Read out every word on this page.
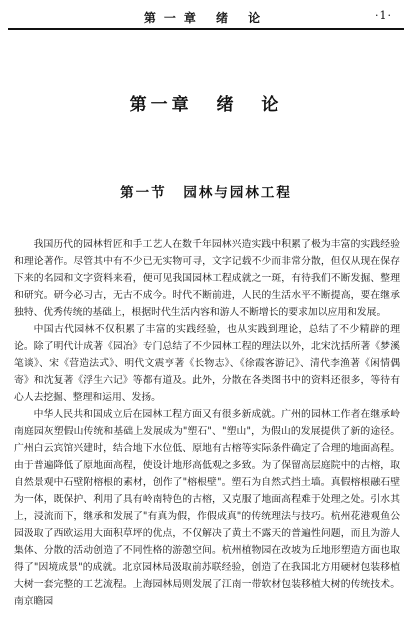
第一章 绪 论	·1·
第一章 绪 论
第一节 园林与园林工程

我国历代的园林哲匠和手工艺人在数千年园林兴造实践中积累了极为丰富的实践经验和理论著作。尽管其中有不少已无实物可寻，文字记载不少而非常分散，但仅从现在保存下来的名园和文字资料来看，便可见我国园林工程成就之一斑，有待我们不断发掘、整理和研究。研今必习古，无古不成今。时代不断前进，人民的生活水平不断提高，要在继承独特、优秀传统的基础上，根据时代生活内容和游人不断增长的要求加以应用和发展。

中国古代园林不仅积累了丰富的实践经验，也从实践到理论，总结了不少精辟的理论。除了明代计成著《园冶》专门总结了不少园林工程的理法以外，北宋沈括所著《梦溪笔谈》、宋《营造法式》、明代文震亨著《长物志》、《徐霞客游记》、清代李渔著《闲情偶寄》和沈复著《浮生六记》等都有道及。此外，分散在各类图书中的资料还很多，等待有心人去挖掘、整理和运用、发扬。

中华人民共和国成立后在园林工程方面又有很多新成就。广州的园林工作者在继承岭南庭园灰塑假山传统和基础上发展成为"塑石"、"塑山"，为假山的发展提供了新的途径。广州白云宾馆兴建时，结合地下水位低、原地有古榕等实际条件确定了合理的地面高程。由于普遍降低了原地面高程，使设计地形高低观之多致。为了保留高层庭院中的古榕，取自然景观中石壁附榕根的素材，创作了"榕根壁"。塑石为自然式挡土墙。真假榕根融石壁为一体，既保护、利用了具有岭南特色的古榕，又克服了地面高程难于处理之处。引水其上，浸流而下，继承和发展了"有真为假，作假成真"的传统理法与技巧。杭州花港观鱼公园汲取了西欧运用大面积草坪的优点，不仅解决了黄土不露天的普遍性问题，而且为游人集体、分散的活动创造了不同性格的游憩空间。杭州植物园在改坡为丘地形塑造方面也取得了"因境成景"的成就。北京园林局汲取前苏联经验，创造了在我国北方用硬材包装移植大树一套完整的工艺流程。上海园林局则发展了江南一带软材包装移植大树的传统技术。南京瞻园
